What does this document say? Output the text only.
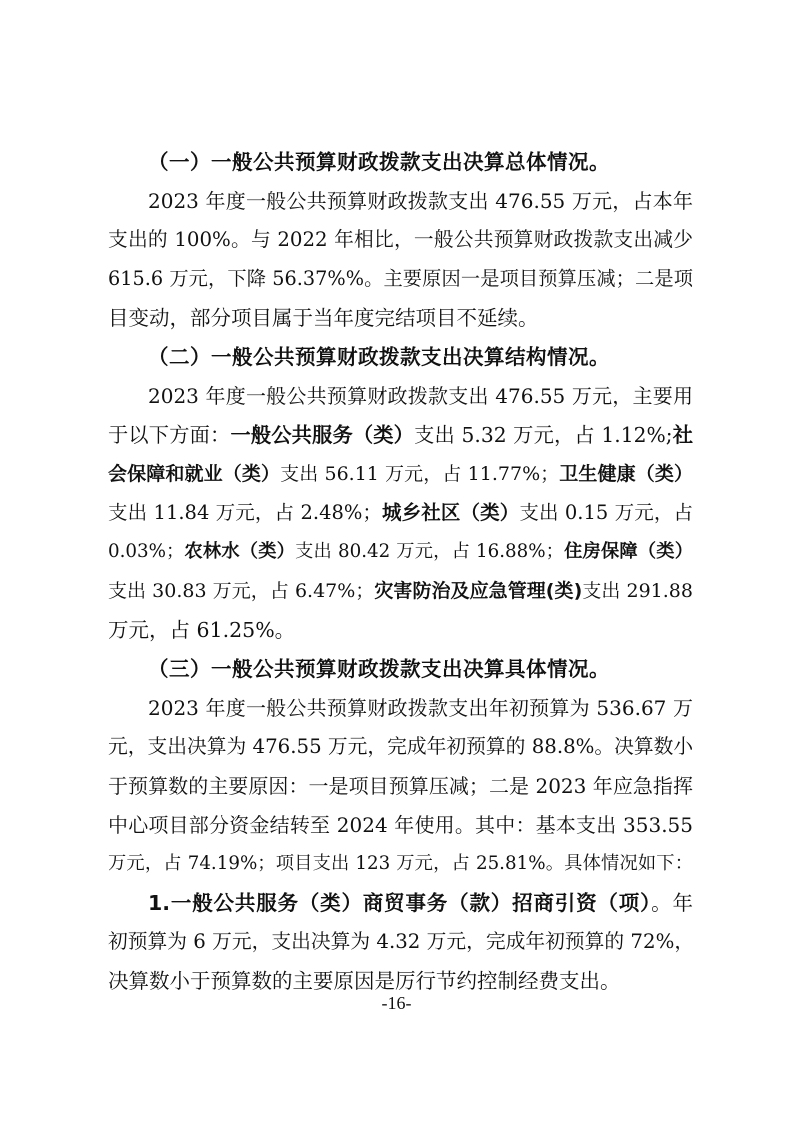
（一）一般公共预算财政拨款支出决算总体情况。
2023 年度一般公共预算财政拨款支出 476.55 万元，占本年
支出的 100%。与 2022 年相比，一般公共预算财政拨款支出减少
615.6 万元，下降 56.37%%。主要原因一是项目预算压减；二是项
目变动，部分项目属于当年度完结项目不延续。
（二）一般公共预算财政拨款支出决算结构情况。
2023 年度一般公共预算财政拨款支出 476.55 万元，主要用
于以下方面：一般公共服务（类）支出 5.32 万元，占 1.12%;社
会保障和就业（类）支出 56.11 万元，占 11.77%；卫生健康（类）
支出 11.84 万元，占 2.48%；城乡社区（类）支出 0.15 万元，占
0.03%；农林水（类）支出 80.42 万元，占 16.88%；住房保障（类）
支出 30.83 万元，占 6.47%；灾害防治及应急管理(类)支出 291.88
万元，占 61.25%。
（三）一般公共预算财政拨款支出决算具体情况。
2023 年度一般公共预算财政拨款支出年初预算为 536.67 万
元，支出决算为 476.55 万元，完成年初预算的 88.8%。决算数小
于预算数的主要原因：一是项目预算压减；二是 2023 年应急指挥
中心项目部分资金结转至 2024 年使用。其中：基本支出 353.55
万元，占 74.19%；项目支出 123 万元，占 25.81%。具体情况如下：
1.一般公共服务（类）商贸事务（款）招商引资（项）。年
初预算为 6 万元，支出决算为 4.32 万元，完成年初预算的 72%，
决算数小于预算数的主要原因是厉行节约控制经费支出。
-16-
